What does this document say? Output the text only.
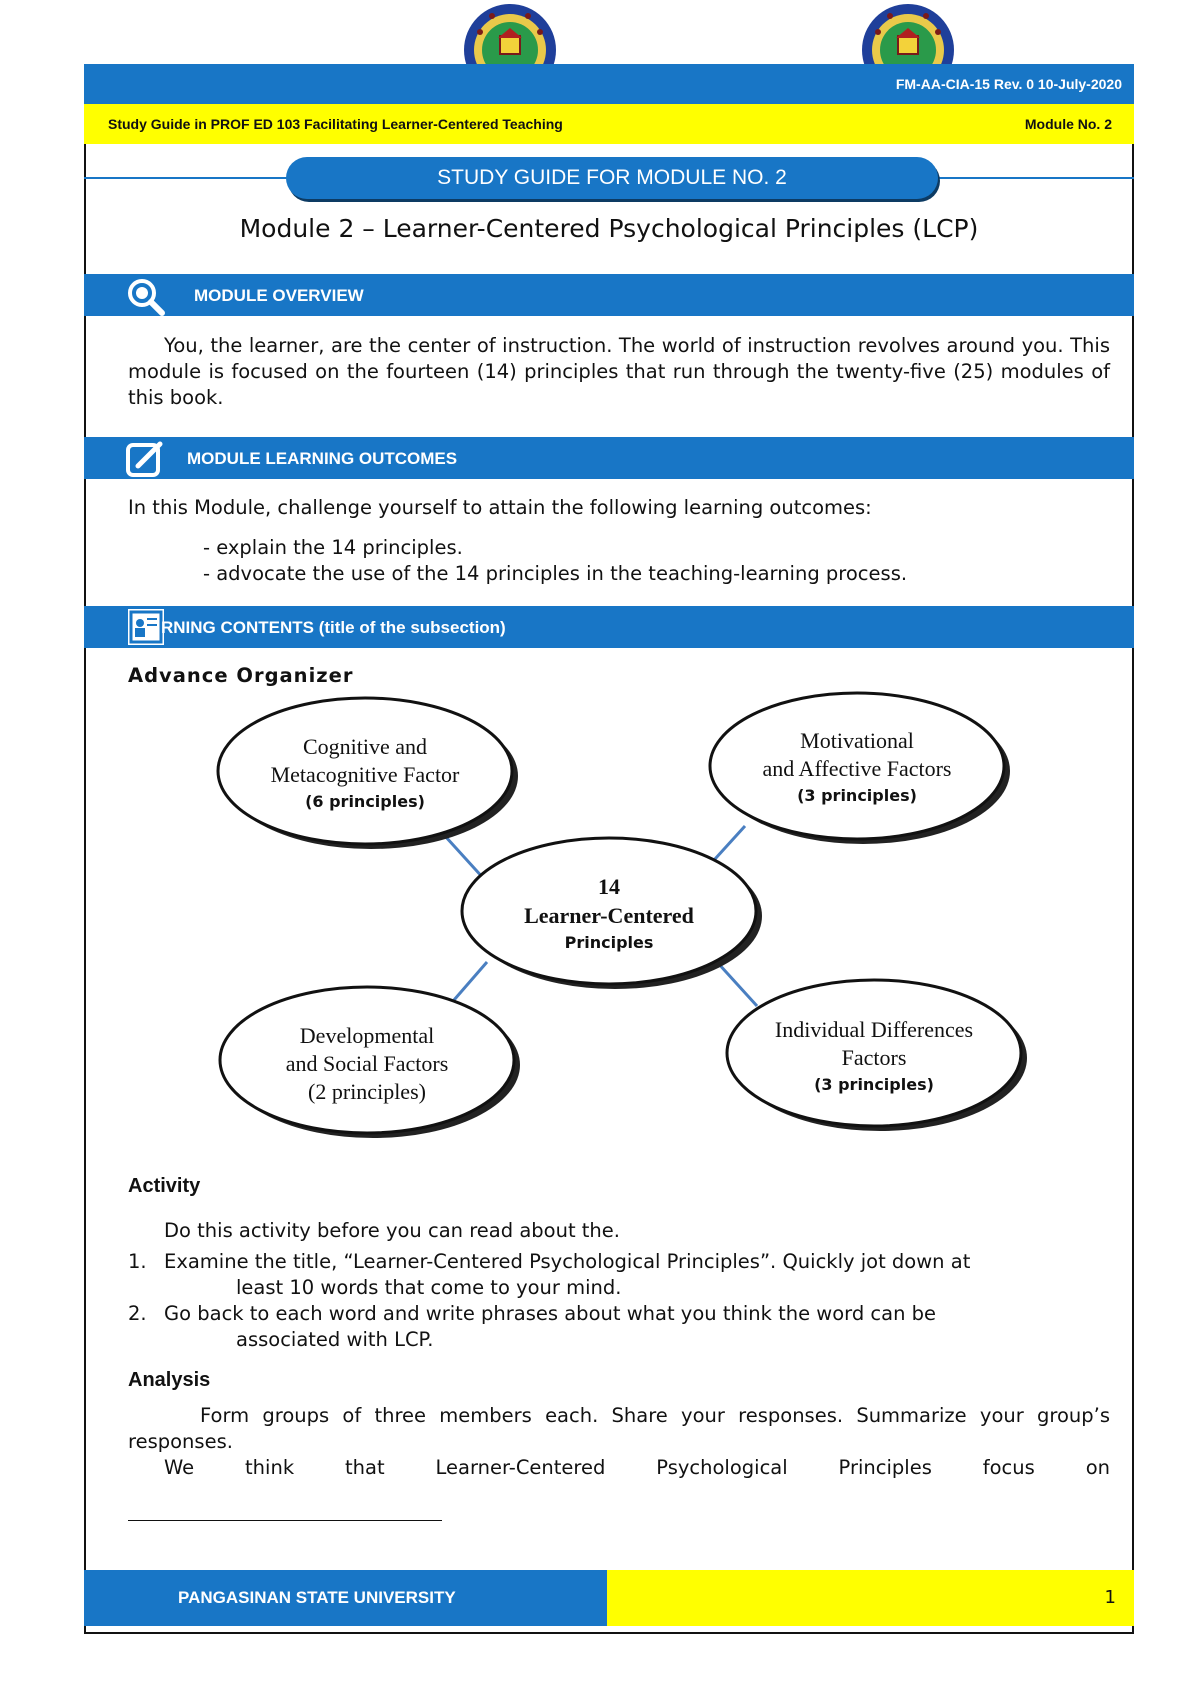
FM-AA-CIA-15 Rev. 0 10-July-2020
Study Guide in PROF ED 103 Facilitating Learner-Centered Teaching	Module No. 2
STUDY GUIDE FOR MODULE NO. 2
Module 2 – Learner-Centered Psychological Principles (LCP)
MODULE OVERVIEW
You, the learner, are the center of instruction. The world of instruction revolves around you. This module is focused on the fourteen (14) principles that run through the twenty-five (25) modules of this book.
MODULE LEARNING OUTCOMES
In this Module, challenge yourself to attain the following learning outcomes:
- explain the 14 principles.
- advocate the use of the 14 principles in the teaching-learning process.
RNING CONTENTS (title of the subsection)
Advance Organizer
Cognitive and
Metacognitive Factor
(6 principles)
Motivational
and Affective Factors
(3 principles)
14
Learner-Centered
Principles
Developmental
and Social Factors
(2 principles)
Individual Differences
Factors
(3 principles)
Activity
Do this activity before you can read about the.
1. Examine the title, “Learner-Centered Psychological Principles”. Quickly jot down at
least 10 words that come to your mind.
2. Go back to each word and write phrases about what you think the word can be
associated with LCP.
Analysis
Form groups of three members each. Share your responses. Summarize your group’s responses.
We think that Learner-Centered Psychological Principles focus on
PANGASINAN STATE UNIVERSITY	1
